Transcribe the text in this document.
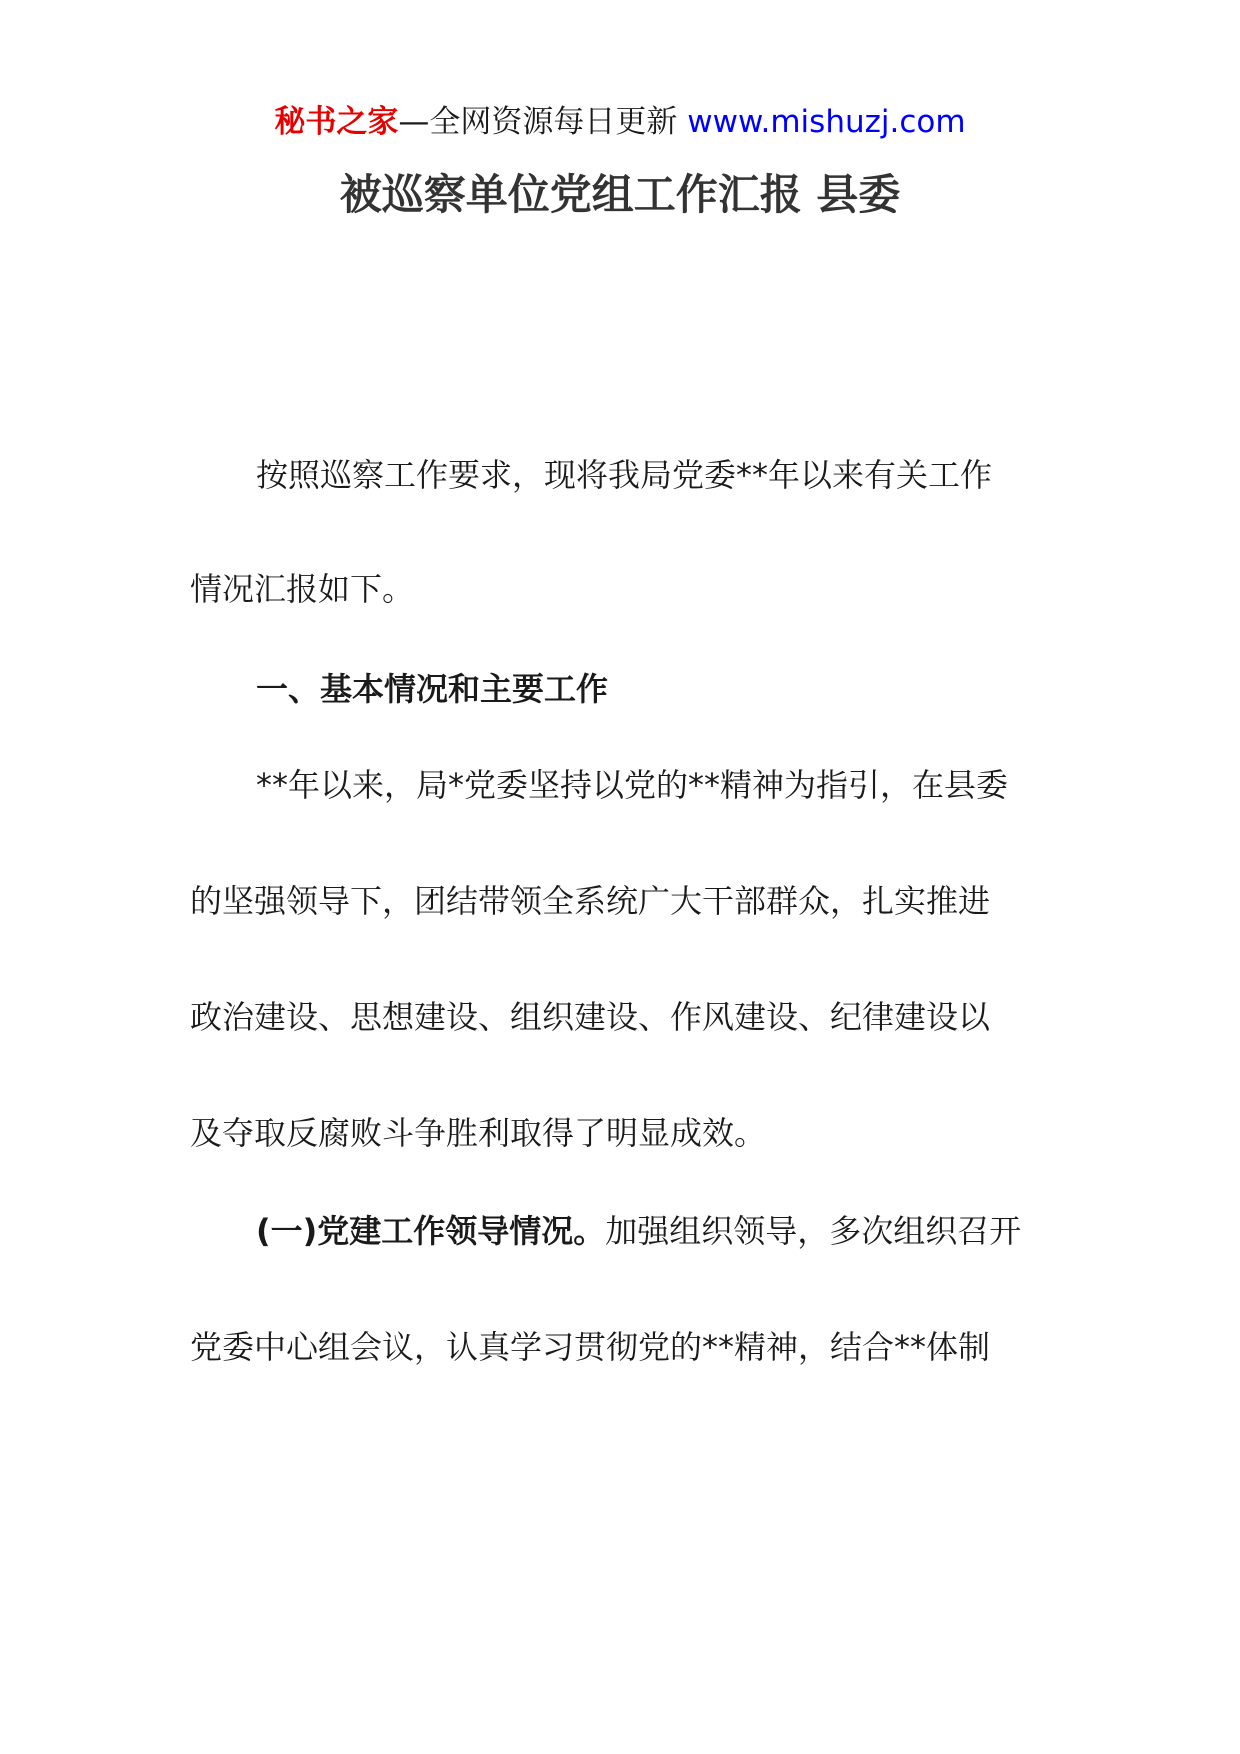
秘书之家—全网资源每日更新 www.mishuzj.com
被巡察单位党组工作汇报 县委
按照巡察工作要求，现将我局党委**年以来有关工作
情况汇报如下。
一、基本情况和主要工作
**年以来，局*党委坚持以党的**精神为指引，在县委
的坚强领导下，团结带领全系统广大干部群众，扎实推进
政治建设、思想建设、组织建设、作风建设、纪律建设以
及夺取反腐败斗争胜利取得了明显成效。
(一)党建工作领导情况。加强组织领导，多次组织召开
党委中心组会议，认真学习贯彻党的**精神，结合**体制
